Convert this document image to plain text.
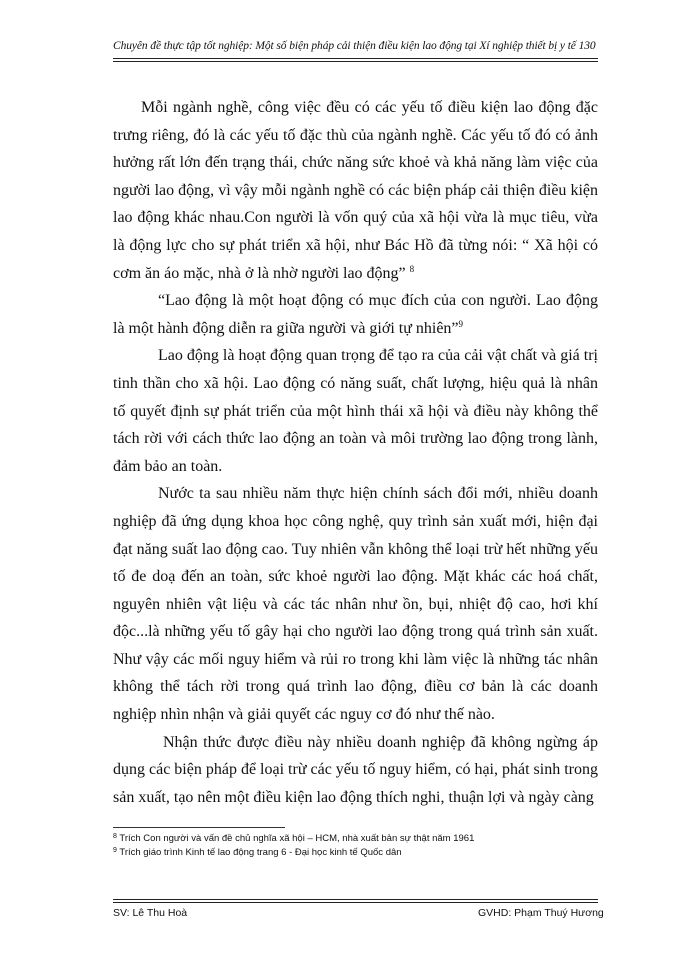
Chuyên đề thực tập tốt nghiệp: Một số biện pháp cải thiện điều kiện lao động tại Xí nghiệp thiết bị y tế 130

Mỗi ngành nghề, công việc đều có các yếu tố điều kiện lao động đặc trưng riêng, đó là các yếu tố đặc thù của ngành nghề. Các yếu tố đó có ảnh hưởng rất lớn đến trạng thái, chức năng sức khoẻ và khả năng làm việc của người lao động, vì vậy mỗi ngành nghề có các biện pháp cải thiện điều kiện lao động khác nhau.Con người là vốn quý của xã hội vừa là mục tiêu, vừa là động lực cho sự phát triển xã hội, như Bác Hồ đã từng nói: “ Xã hội có cơm ăn áo mặc, nhà ở là nhờ người lao động” $^8$

“Lao động là một hoạt động có mục đích của con người. Lao động là một hành động diễn ra giữa người và giới tự nhiên”$^9$

Lao động là hoạt động quan trọng để tạo ra của cải vật chất và giá trị tinh thần cho xã hội. Lao động có năng suất, chất lượng, hiệu quả là nhân tố quyết định sự phát triển của một hình thái xã hội và điều này không thể tách rời với cách thức lao động an toàn và môi trường lao động trong lành, đảm bảo an toàn.

Nước ta sau nhiều năm thực hiện chính sách đổi mới, nhiều doanh nghiệp đã ứng dụng khoa học công nghệ, quy trình sản xuất mới, hiện đại đạt năng suất lao động cao. Tuy nhiên vẫn không thể loại trừ hết những yếu tố đe doạ đến an toàn, sức khoẻ người lao động. Mặt khác các hoá chất, nguyên nhiên vật liệu và các tác nhân như ồn, bụi, nhiệt độ cao, hơi khí độc...là những yếu tố gây hại cho người lao động trong quá trình sản xuất. Như vậy các mối nguy hiểm và rủi ro trong khi làm việc là những tác nhân không thể tách rời trong quá trình lao động, điều cơ bản là các doanh nghiệp nhìn nhận và giải quyết các nguy cơ đó như thế nào.

Nhận thức được điều này nhiều doanh nghiệp đã không ngừng áp dụng các biện pháp để loại trừ các yếu tố nguy hiểm, có hại, phát sinh trong sản xuất, tạo nên một điều kiện lao động thích nghi, thuận lợi và ngày càng

$^8$ Trích Con người và vấn đề chủ nghĩa xã hội – HCM, nhà xuất bản sự thật năm 1961
$^9$ Trích giáo trình Kinh tế lao động trang 6 - Đại học kinh tế Quốc dân
SV: Lê Thu Hoà	GVHD: Phạm Thuý Hương
